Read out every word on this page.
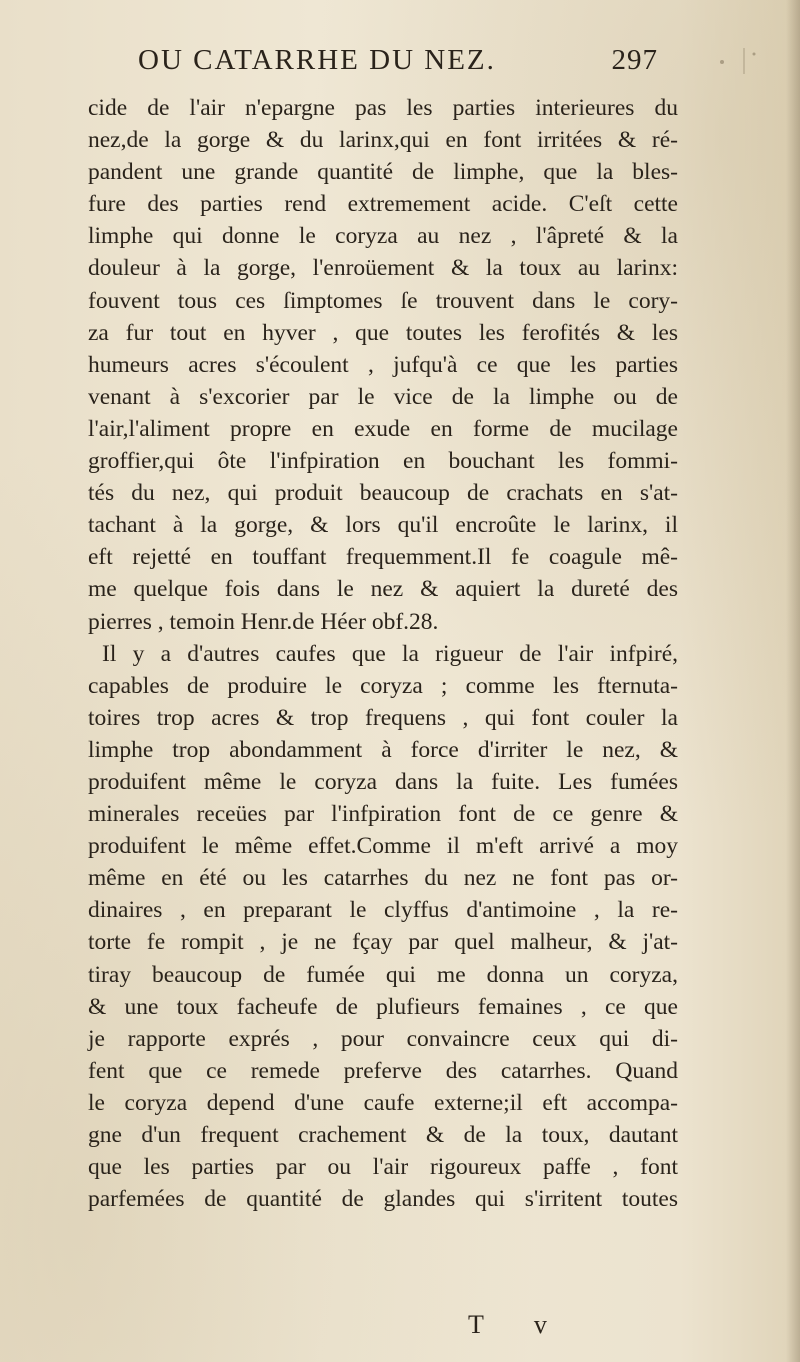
OU CATARRHE DU NEZ.	297
cide de l'air n'epargne pas les parties interieures du
nez,de la gorge & du larinx,qui en font irritées & ré-
pandent une grande quantité de limphe, que la bles-
fure des parties rend extremement acide. C'eſt cette
limphe qui donne le coryza au nez , l'âpreté & la
douleur à la gorge, l'enroüement & la toux au larinx:
fouvent tous ces ſimptomes ſe trouvent dans le cory-
za fur tout en hyver , que toutes les ferofités & les
humeurs acres s'écoulent , jufqu'à ce que les parties
venant à s'excorier par le vice de la limphe ou de
l'air,l'aliment propre en exude en forme de mucilage
groffier,qui ôte l'infpiration en bouchant les fommi-
tés du nez, qui produit beaucoup de crachats en s'at-
tachant à la gorge, & lors qu'il encroûte le larinx, il
eft rejetté en touffant frequemment.Il fe coagule mê-
me quelque fois dans le nez & aquiert la dureté des
pierres , temoin Henr.de Héer obf.28.
Il y a d'autres caufes que la rigueur de l'air infpiré,
capables de produire le coryza ; comme les fternuta-
toires trop acres & trop frequens , qui font couler la
limphe trop abondamment à force d'irriter le nez, &
produifent même le coryza dans la fuite. Les fumées
minerales receües par l'infpiration font de ce genre &
produifent le même effet.Comme il m'eft arrivé a moy
même en été ou les catarrhes du nez ne font pas or-
dinaires , en preparant le clyffus d'antimoine , la re-
torte fe rompit , je ne fçay par quel malheur, & j'at-
tiray beaucoup de fumée qui me donna un coryza,
& une toux facheufe de plufieurs femaines , ce que
je rapporte exprés , pour convaincre ceux qui di-
fent que ce remede preferve des catarrhes. Quand
le coryza depend d'une caufe externe;il eft accompa-
gne d'un frequent crachement & de la toux, dautant
que les parties par ou l'air rigoureux paffe , font
parfemées de quantité de glandes qui s'irritent toutes
T v
